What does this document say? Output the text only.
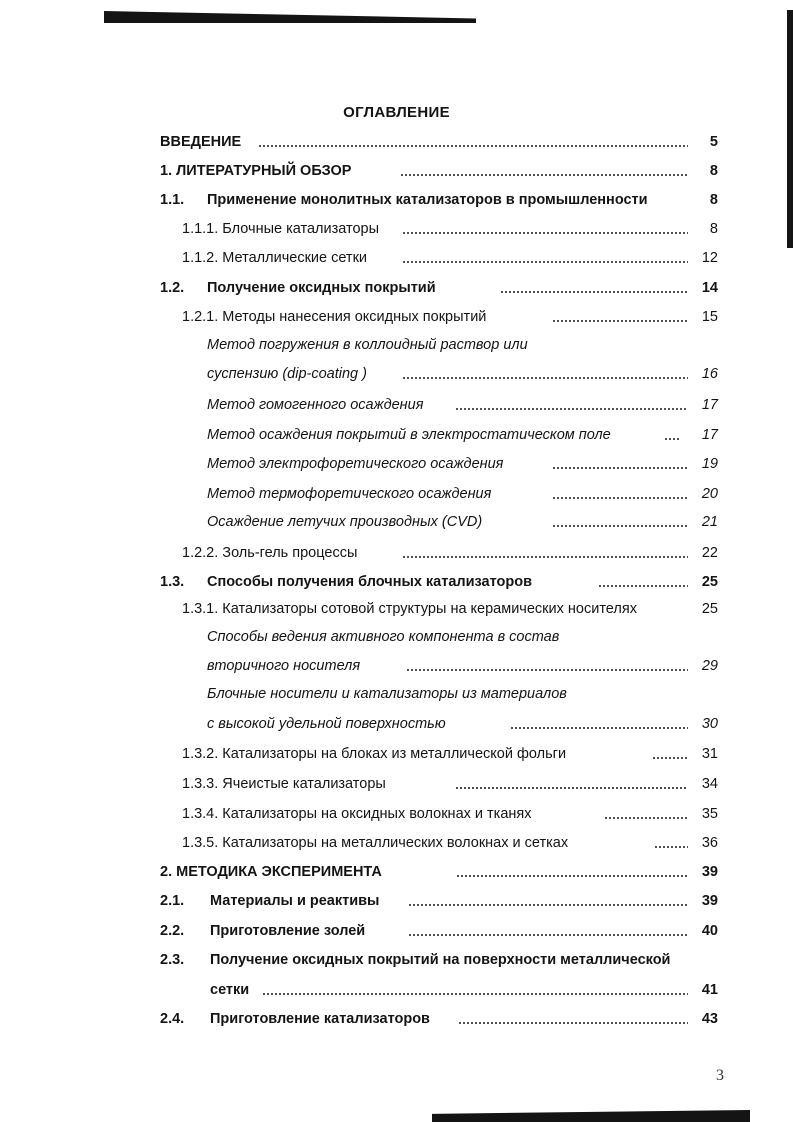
ОГЛАВЛЕНИЕ
ВВЕДЕНИЕ	5
1. ЛИТЕРАТУРНЫЙ ОБЗОР	8
1.1. Применение монолитных катализаторов в промышленности	8
1.1.1. Блочные катализаторы	8
1.1.2. Металлические сетки	12
1.2. Получение оксидных покрытий	14
1.2.1. Методы нанесения оксидных покрытий	15
Метод погружения в коллоидный раствор или
суспензию (dip-coating )	16
Метод гомогенного осаждения	17
Метод осаждения покрытий в электростатическом поле	17
Метод электрофоретического осаждения	19
Метод термофоретического осаждения	20
Осаждение летучих производных (CVD)	21
1.2.2. Золь-гель процессы	22
1.3. Способы получения блочных катализаторов	25
1.3.1. Катализаторы сотовой структуры на керамических носителях	25
Способы ведения активного компонента в состав
вторичного носителя	29
Блочные носители и катализаторы из материалов
с высокой удельной поверхностью	30
1.3.2. Катализаторы на блоках из металлической фольги	31
1.3.3. Ячеистые катализаторы	34
1.3.4. Катализаторы на оксидных волокнах и тканях	35
1.3.5. Катализаторы на металлических волокнах и сетках	36
2. МЕТОДИКА ЭКСПЕРИМЕНТА	39
2.1. Материалы и реактивы	39
2.2. Приготовление золей	40
2.3. Получение оксидных покрытий на поверхности металлической
сетки	41
2.4. Приготовление катализаторов	43
3
